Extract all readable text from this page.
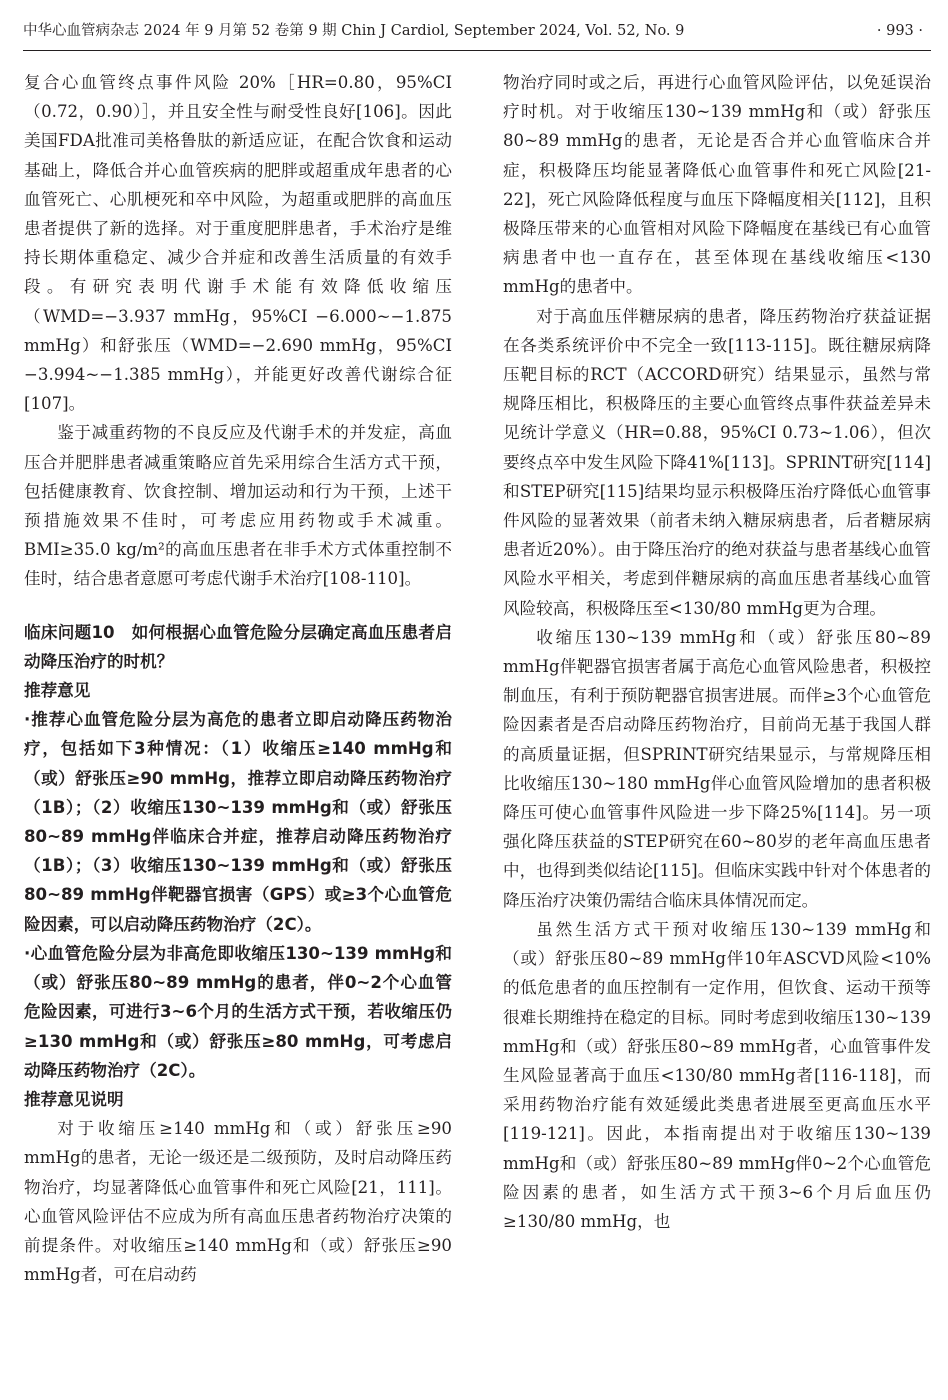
中华心血管病杂志 2024 年 9 月第 52 卷第 9 期 Chin J Cardiol, September 2024, Vol. 52, No. 9	· 993 ·

复合心血管终点事件风险 20%［HR=0.80，95%CI（0.72，0.90）］，并且安全性与耐受性良好[106]。因此美国FDA批准司美格鲁肽的新适应证，在配合饮食和运动基础上，降低合并心血管疾病的肥胖或超重成年患者的心血管死亡、心肌梗死和卒中风险，为超重或肥胖的高血压患者提供了新的选择。对于重度肥胖患者，手术治疗是维持长期体重稳定、减少合并症和改善生活质量的有效手段。有研究表明代谢手术能有效降低收缩压（WMD=−3.937 mmHg，95%CI −6.000~−1.875 mmHg）和舒张压（WMD=−2.690 mmHg，95%CI −3.994~−1.385 mmHg），并能更好改善代谢综合征[107]。

鉴于减重药物的不良反应及代谢手术的并发症，高血压合并肥胖患者减重策略应首先采用综合生活方式干预，包括健康教育、饮食控制、增加运动和行为干预，上述干预措施效果不佳时，可考虑应用药物或手术减重。BMI≥35.0 kg/m²的高血压患者在非手术方式体重控制不佳时，结合患者意愿可考虑代谢手术治疗[108-110]。

临床问题10　如何根据心血管危险分层确定高血压患者启动降压治疗的时机？

推荐意见

·推荐心血管危险分层为高危的患者立即启动降压药物治疗，包括如下3种情况：（1）收缩压≥140 mmHg和（或）舒张压≥90 mmHg，推荐立即启动降压药物治疗（1B）；（2）收缩压130~139 mmHg和（或）舒张压80~89 mmHg伴临床合并症，推荐启动降压药物治疗（1B）；（3）收缩压130~139 mmHg和（或）舒张压80~89 mmHg伴靶器官损害（GPS）或≥3个心血管危险因素，可以启动降压药物治疗（2C）。

·心血管危险分层为非高危即收缩压130~139 mmHg和（或）舒张压80~89 mmHg的患者，伴0~2个心血管危险因素，可进行3~6个月的生活方式干预，若收缩压仍≥130 mmHg和（或）舒张压≥80 mmHg，可考虑启动降压药物治疗（2C）。

推荐意见说明

对于收缩压≥140 mmHg和（或）舒张压≥90 mmHg的患者，无论一级还是二级预防，及时启动降压药物治疗，均显著降低心血管事件和死亡风险[21，111]。心血管风险评估不应成为所有高血压患者药物治疗决策的前提条件。对收缩压≥140 mmHg和（或）舒张压≥90 mmHg者，可在启动药

物治疗同时或之后，再进行心血管风险评估，以免延误治疗时机。对于收缩压130~139 mmHg和（或）舒张压80~89 mmHg的患者，无论是否合并心血管临床合并症，积极降压均能显著降低心血管事件和死亡风险[21-22]，死亡风险降低程度与血压下降幅度相关[112]，且积极降压带来的心血管相对风险下降幅度在基线已有心血管病患者中也一直存在，甚至体现在基线收缩压<130 mmHg的患者中。

对于高血压伴糖尿病的患者，降压药物治疗获益证据在各类系统评价中不完全一致[113-115]。既往糖尿病降压靶目标的RCT（ACCORD研究）结果显示，虽然与常规降压相比，积极降压的主要心血管终点事件获益差异未见统计学意义（HR=0.88，95%CI 0.73~1.06），但次要终点卒中发生风险下降41%[113]。SPRINT研究[114]和STEP研究[115]结果均显示积极降压治疗降低心血管事件风险的显著效果（前者未纳入糖尿病患者，后者糖尿病患者近20%）。由于降压治疗的绝对获益与患者基线心血管风险水平相关，考虑到伴糖尿病的高血压患者基线心血管风险较高，积极降压至<130/80 mmHg更为合理。

收缩压130~139 mmHg和（或）舒张压80~89 mmHg伴靶器官损害者属于高危心血管风险患者，积极控制血压，有利于预防靶器官损害进展。而伴≥3个心血管危险因素者是否启动降压药物治疗，目前尚无基于我国人群的高质量证据，但SPRINT研究结果显示，与常规降压相比收缩压130~180 mmHg伴心血管风险增加的患者积极降压可使心血管事件风险进一步下降25%[114]。另一项强化降压获益的STEP研究在60~80岁的老年高血压患者中，也得到类似结论[115]。但临床实践中针对个体患者的降压治疗决策仍需结合临床具体情况而定。

虽然生活方式干预对收缩压130~139 mmHg和（或）舒张压80~89 mmHg伴10年ASCVD风险<10%的低危患者的血压控制有一定作用，但饮食、运动干预等很难长期维持在稳定的目标。同时考虑到收缩压130~139 mmHg和（或）舒张压80~89 mmHg者，心血管事件发生风险显著高于血压<130/80 mmHg者[116-118]，而采用药物治疗能有效延缓此类患者进展至更高血压水平[119-121]。因此，本指南提出对于收缩压130~139 mmHg和（或）舒张压80~89 mmHg伴0~2个心血管危险因素的患者，如生活方式干预3~6个月后血压仍≥130/80 mmHg，也
